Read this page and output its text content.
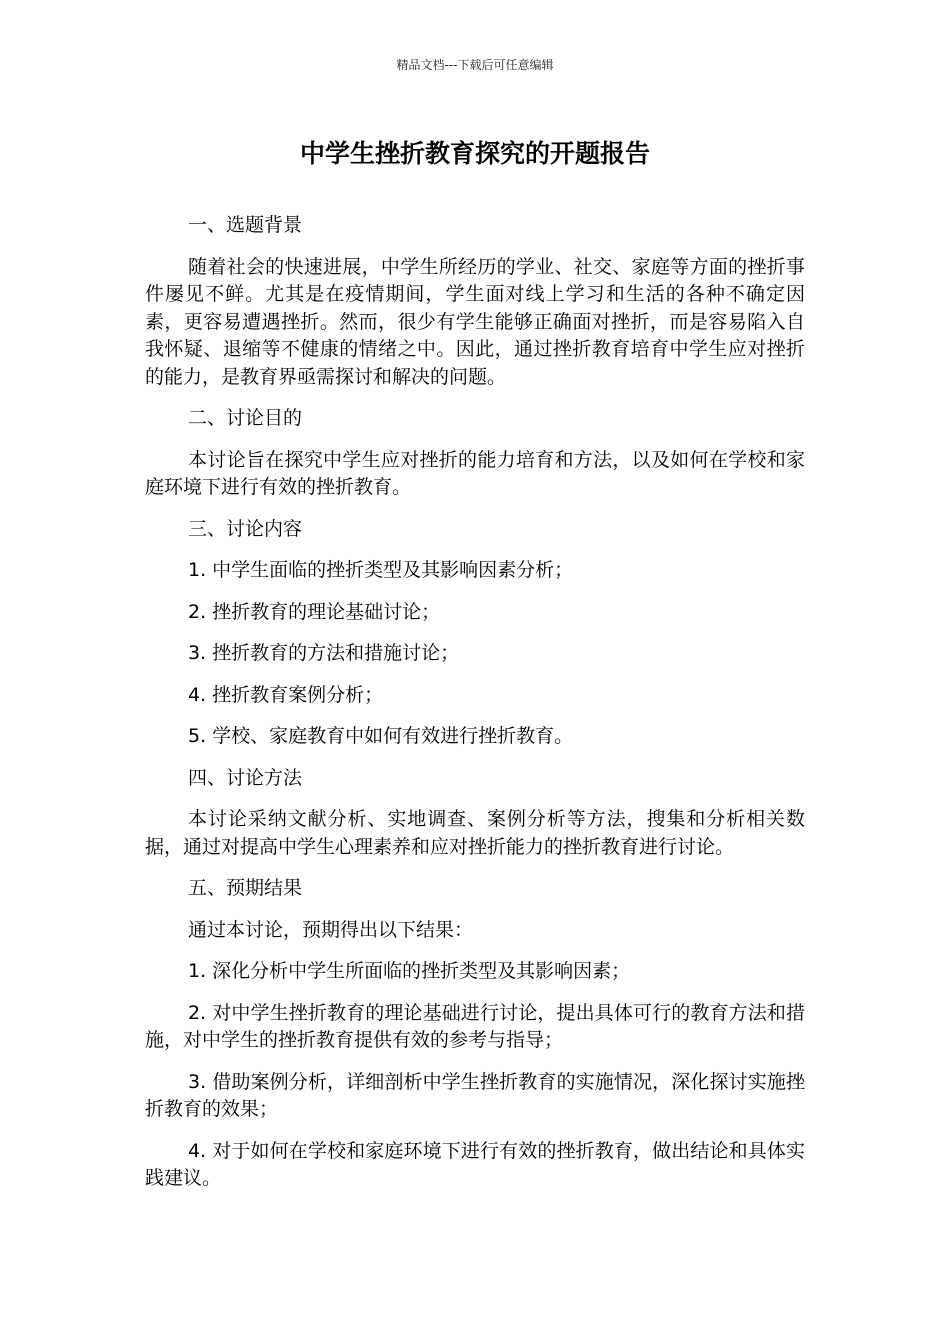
精品文档---下载后可任意编辑
中学生挫折教育探究的开题报告

一、选题背景

随着社会的快速进展，中学生所经历的学业、社交、家庭等方面的挫折事件屡见不鲜。尤其是在疫情期间，学生面对线上学习和生活的各种不确定因素，更容易遭遇挫折。然而，很少有学生能够正确面对挫折，而是容易陷入自我怀疑、退缩等不健康的情绪之中。因此，通过挫折教育培育中学生应对挫折的能力，是教育界亟需探讨和解决的问题。

二、讨论目的

本讨论旨在探究中学生应对挫折的能力培育和方法，以及如何在学校和家庭环境下进行有效的挫折教育。

三、讨论内容

1. 中学生面临的挫折类型及其影响因素分析；

2. 挫折教育的理论基础讨论；

3. 挫折教育的方法和措施讨论；

4. 挫折教育案例分析；

5. 学校、家庭教育中如何有效进行挫折教育。

四、讨论方法

本讨论采纳文献分析、实地调查、案例分析等方法，搜集和分析相关数据，通过对提高中学生心理素养和应对挫折能力的挫折教育进行讨论。

五、预期结果

通过本讨论，预期得出以下结果：

1. 深化分析中学生所面临的挫折类型及其影响因素；

2. 对中学生挫折教育的理论基础进行讨论，提出具体可行的教育方法和措施，对中学生的挫折教育提供有效的参考与指导；

3. 借助案例分析，详细剖析中学生挫折教育的实施情况，深化探讨实施挫折教育的效果；

4. 对于如何在学校和家庭环境下进行有效的挫折教育，做出结论和具体实践建议。
